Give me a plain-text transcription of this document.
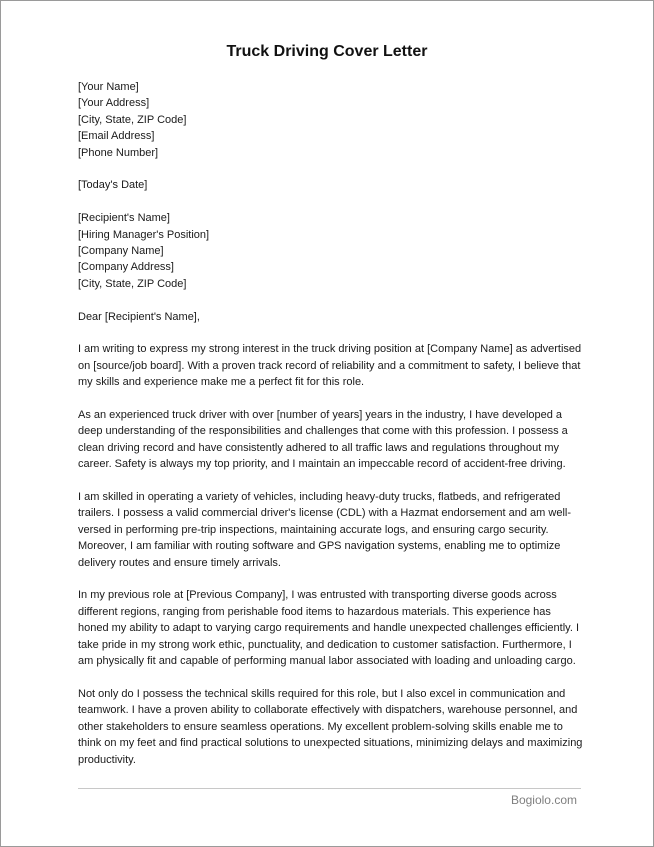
Truck Driving Cover Letter
[Your Name]
[Your Address]
[City, State, ZIP Code]
[Email Address]
[Phone Number]
[Today's Date]
[Recipient's Name]
[Hiring Manager's Position]
[Company Name]
[Company Address]
[City, State, ZIP Code]
Dear [Recipient's Name],

I am writing to express my strong interest in the truck driving position at [Company Name] as advertised on [source/job board]. With a proven track record of reliability and a commitment to safety, I believe that my skills and experience make me a perfect fit for this role.

As an experienced truck driver with over [number of years] years in the industry, I have developed a deep understanding of the responsibilities and challenges that come with this profession. I possess a clean driving record and have consistently adhered to all traffic laws and regulations throughout my career. Safety is always my top priority, and I maintain an impeccable record of accident-free driving.

I am skilled in operating a variety of vehicles, including heavy-duty trucks, flatbeds, and refrigerated trailers. I possess a valid commercial driver's license (CDL) with a Hazmat endorsement and am well-versed in performing pre-trip inspections, maintaining accurate logs, and ensuring cargo security. Moreover, I am familiar with routing software and GPS navigation systems, enabling me to optimize delivery routes and ensure timely arrivals.

In my previous role at [Previous Company], I was entrusted with transporting diverse goods across different regions, ranging from perishable food items to hazardous materials. This experience has honed my ability to adapt to varying cargo requirements and handle unexpected challenges efficiently. I take pride in my strong work ethic, punctuality, and dedication to customer satisfaction. Furthermore, I am physically fit and capable of performing manual labor associated with loading and unloading cargo.

Not only do I possess the technical skills required for this role, but I also excel in communication and teamwork. I have a proven ability to collaborate effectively with dispatchers, warehouse personnel, and other stakeholders to ensure seamless operations. My excellent problem-solving skills enable me to think on my feet and find practical solutions to unexpected situations, minimizing delays and maximizing productivity.

Bogiolo.com
